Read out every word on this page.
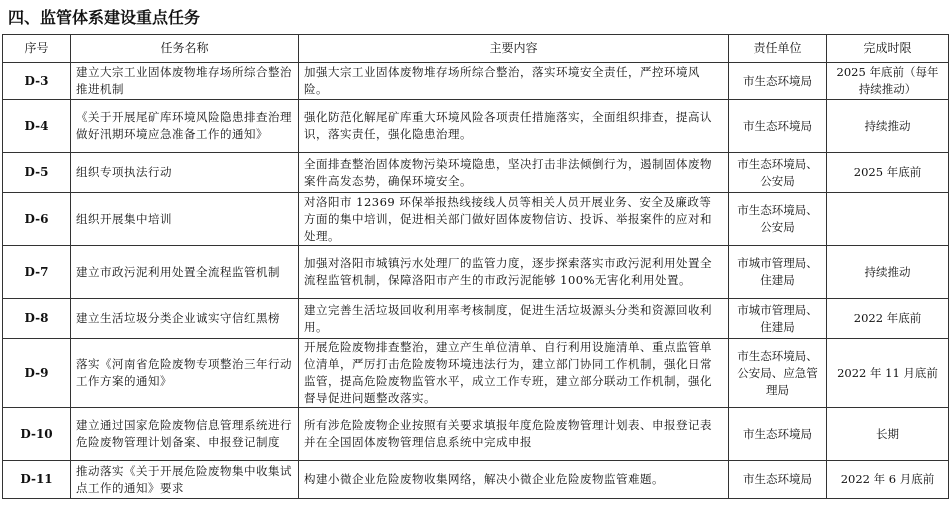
四、监管体系建设重点任务
序号	任务名称	主要内容	责任单位	完成时限
D-3	建立大宗工业固体废物堆存场所综合整治推进机制	加强大宗工业固体废物堆存场所综合整治，落实环境安全责任，严控环境风险。	市生态环境局	2025 年底前（每年持续推动）
D-4	《关于开展尾矿库环境风险隐患排查治理做好汛期环境应急准备工作的通知》	强化防范化解尾矿库重大环境风险各项责任措施落实，全面组织排查，提高认识，落实责任，强化隐患治理。	市生态环境局	持续推动
D-5	组织专项执法行动	全面排查整治固体废物污染环境隐患，坚决打击非法倾倒行为，遏制固体废物案件高发态势，确保环境安全。	市生态环境局、公安局	2025 年底前
D-6	组织开展集中培训	对洛阳市 12369 环保举报热线接线人员等相关人员开展业务、安全及廉政等方面的集中培训，促进相关部门做好固体废物信访、投诉、举报案件的应对和处理。	市生态环境局、公安局	
D-7	建立市政污泥利用处置全流程监管机制	加强对洛阳市城镇污水处理厂的监管力度，逐步探索落实市政污泥利用处置全流程监管机制，保障洛阳市产生的市政污泥能够 100%无害化利用处置。	市城市管理局、住建局	持续推动
D-8	建立生活垃圾分类企业诚实守信红黑榜	建立完善生活垃圾回收利用率考核制度，促进生活垃圾源头分类和资源回收利用。	市城市管理局、住建局	2022 年底前
D-9	落实《河南省危险废物专项整治三年行动工作方案的通知》	开展危险废物排查整治，建立产生单位清单、自行利用设施清单、重点监管单位清单，严厉打击危险废物环境违法行为，建立部门协同工作机制，强化日常监管，提高危险废物监管水平，成立工作专班，建立部分联动工作机制，强化督导促进问题整改落实。	市生态环境局、公安局、应急管理局	2022 年 11 月底前
D-10	建立通过国家危险废物信息管理系统进行危险废物管理计划备案、申报登记制度	所有涉危险废物企业按照有关要求填报年度危险废物管理计划表、申报登记表并在全国固体废物管理信息系统中完成申报	市生态环境局	长期
D-11	推动落实《关于开展危险废物集中收集试点工作的通知》要求	构建小微企业危险废物收集网络，解决小微企业危险废物监管难题。	市生态环境局	2022 年 6 月底前
